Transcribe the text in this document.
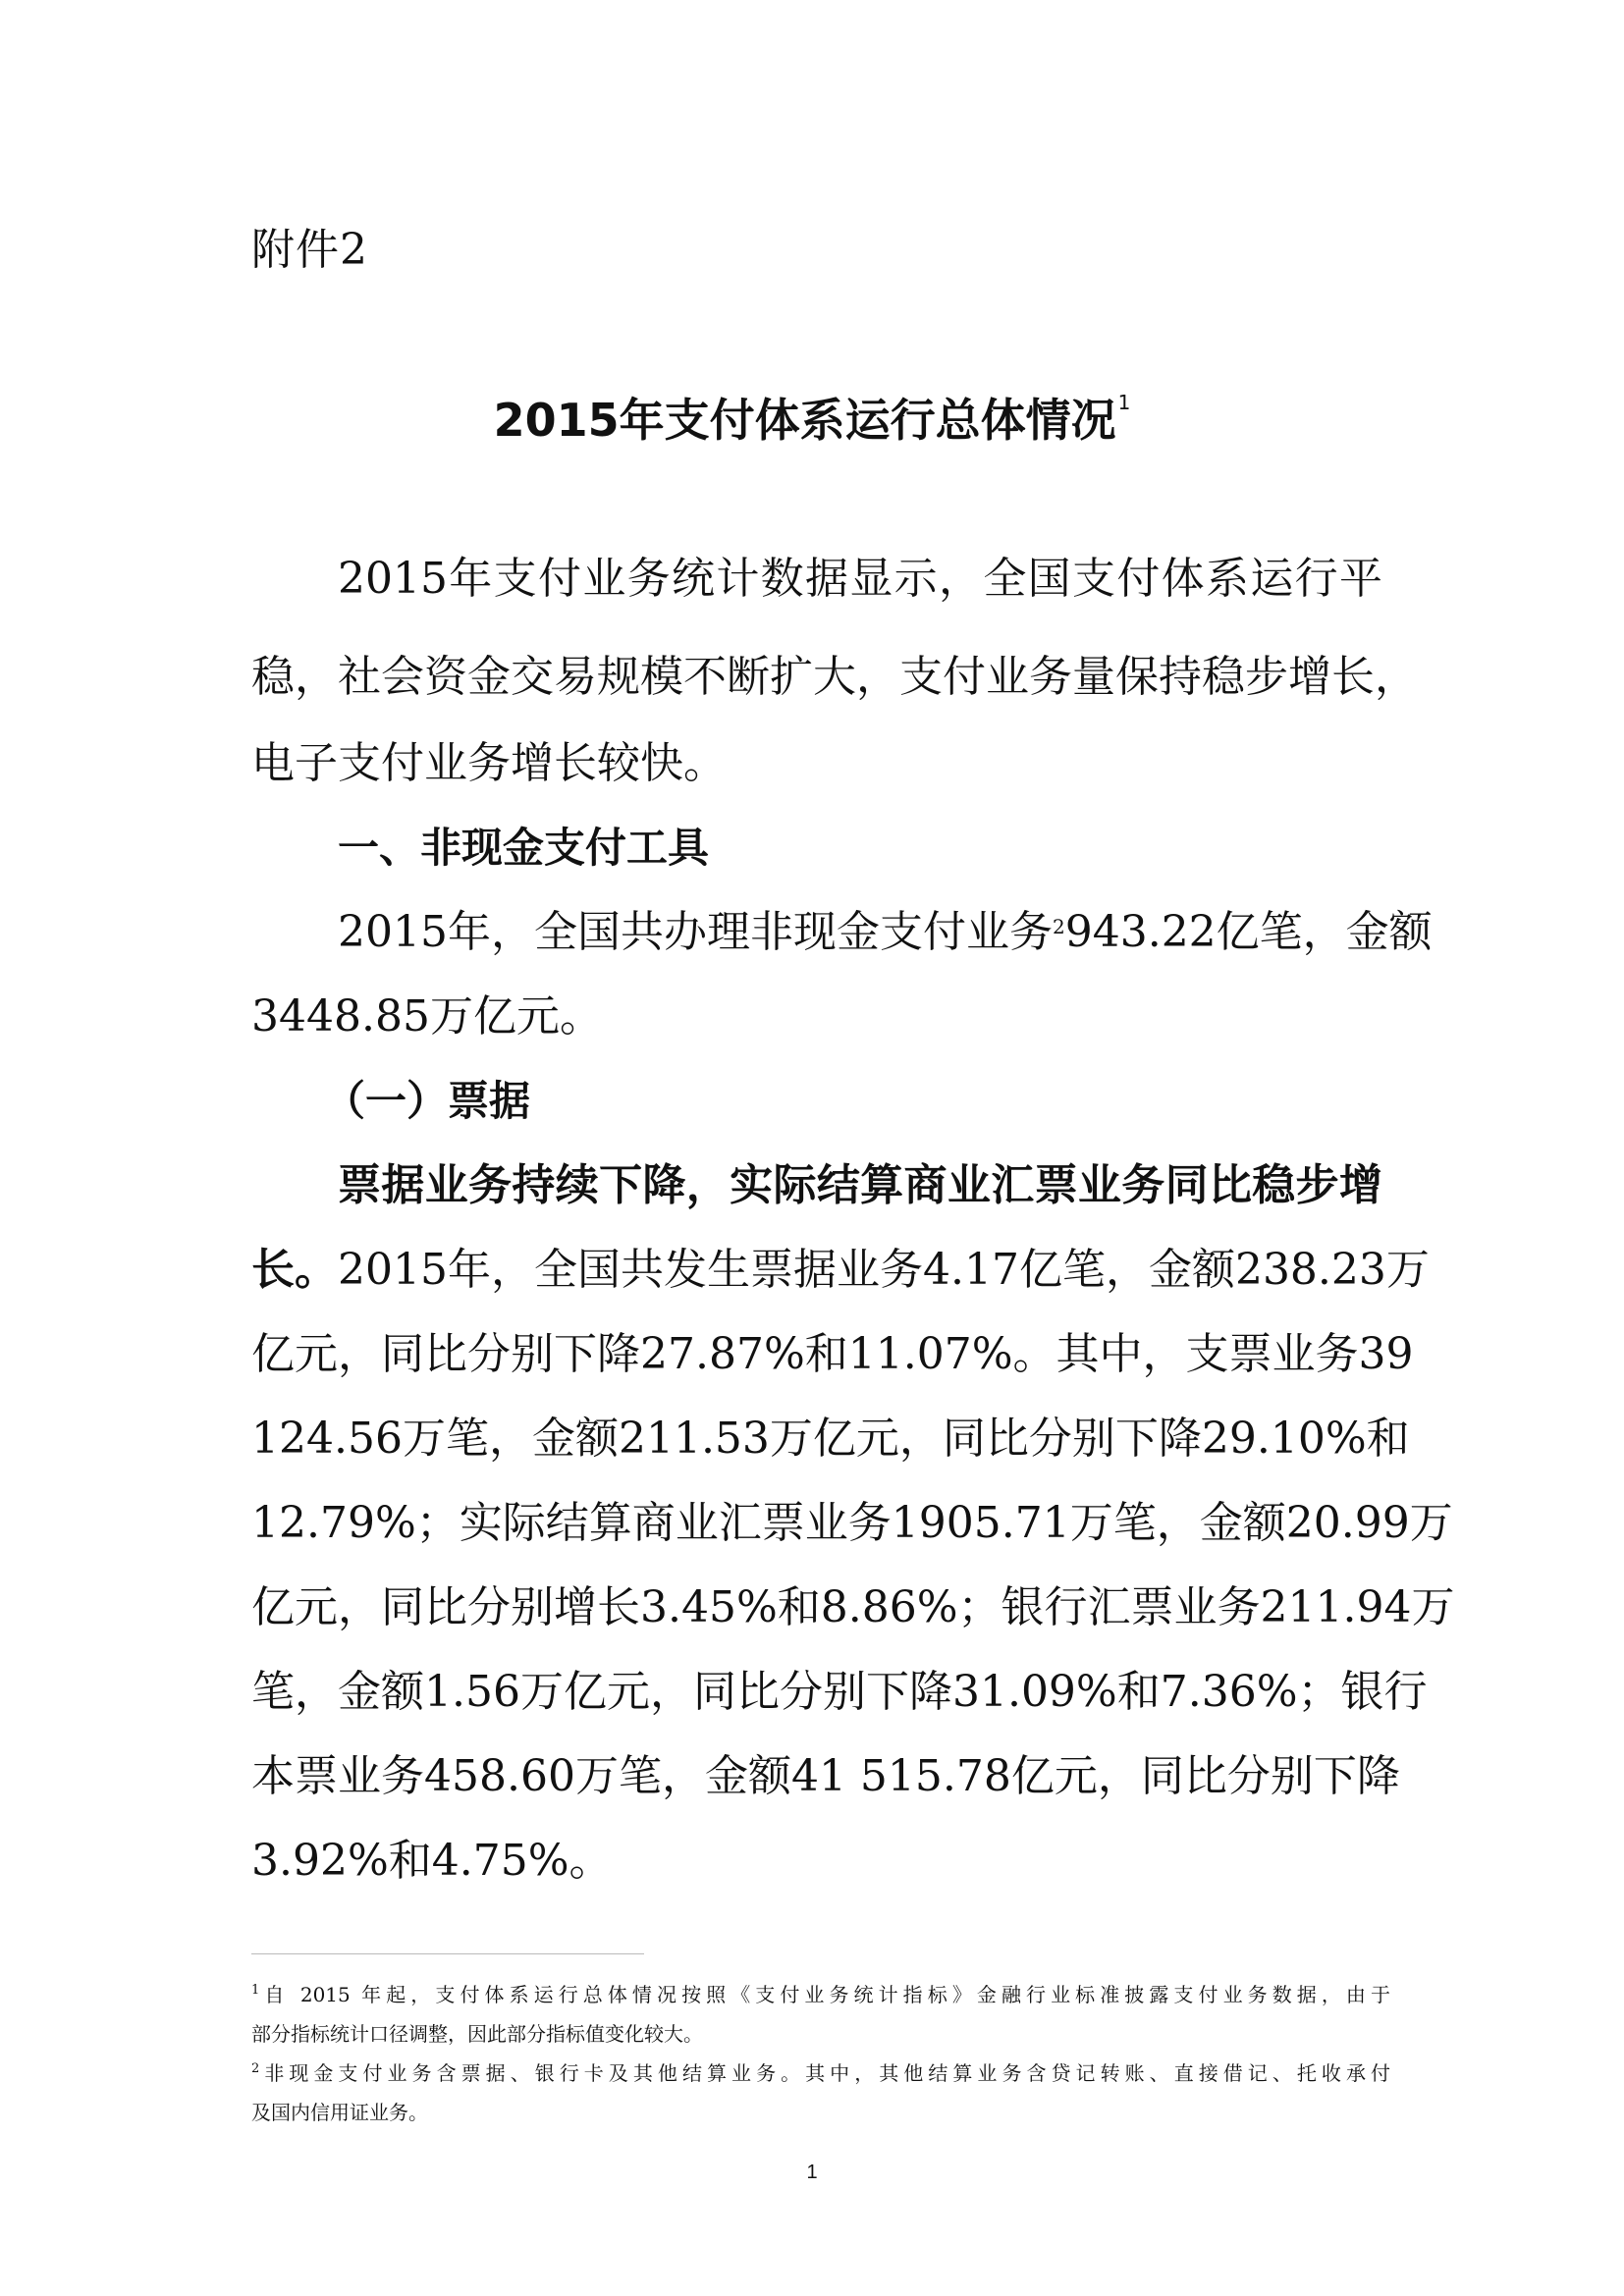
附件2
2015年支付体系运行总体情况 $^1$
2015年支付业务统计数据显示，全国支付体系运行平
稳，社会资金交易规模不断扩大，支付业务量保持稳步增长，
电子支付业务增长较快。
一、非现金支付工具
2015年，全国共办理非现金支付业务$^2$943.22亿笔，金额
3448.85万亿元。
（一）票据
票据业务持续下降，实际结算商业汇票业务同比稳步增
长。2015年，全国共发生票据业务4.17亿笔，金额238.23万
亿元，同比分别下降27.87%和11.07%。其中，支票业务39
124.56万笔，金额211.53万亿元，同比分别下降29.10%和
12.79%；实际结算商业汇票业务1905.71万笔，金额20.99万
亿元，同比分别增长3.45%和8.86%；银行汇票业务211.94万
笔，金额1.56万亿元，同比分别下降31.09%和7.36%；银行
本票业务458.60万笔，金额41 515.78亿元，同比分别下降
3.92%和4.75%。
$^1$自 2015 年起，支付体系运行总体情况按照《支付业务统计指标》金融行业标准披露支付业务数据，由于
部分指标统计口径调整，因此部分指标值变化较大。
$^2$非现金支付业务含票据、银行卡及其他结算业务。其中，其他结算业务含贷记转账、直接借记、托收承付
及国内信用证业务。
1
